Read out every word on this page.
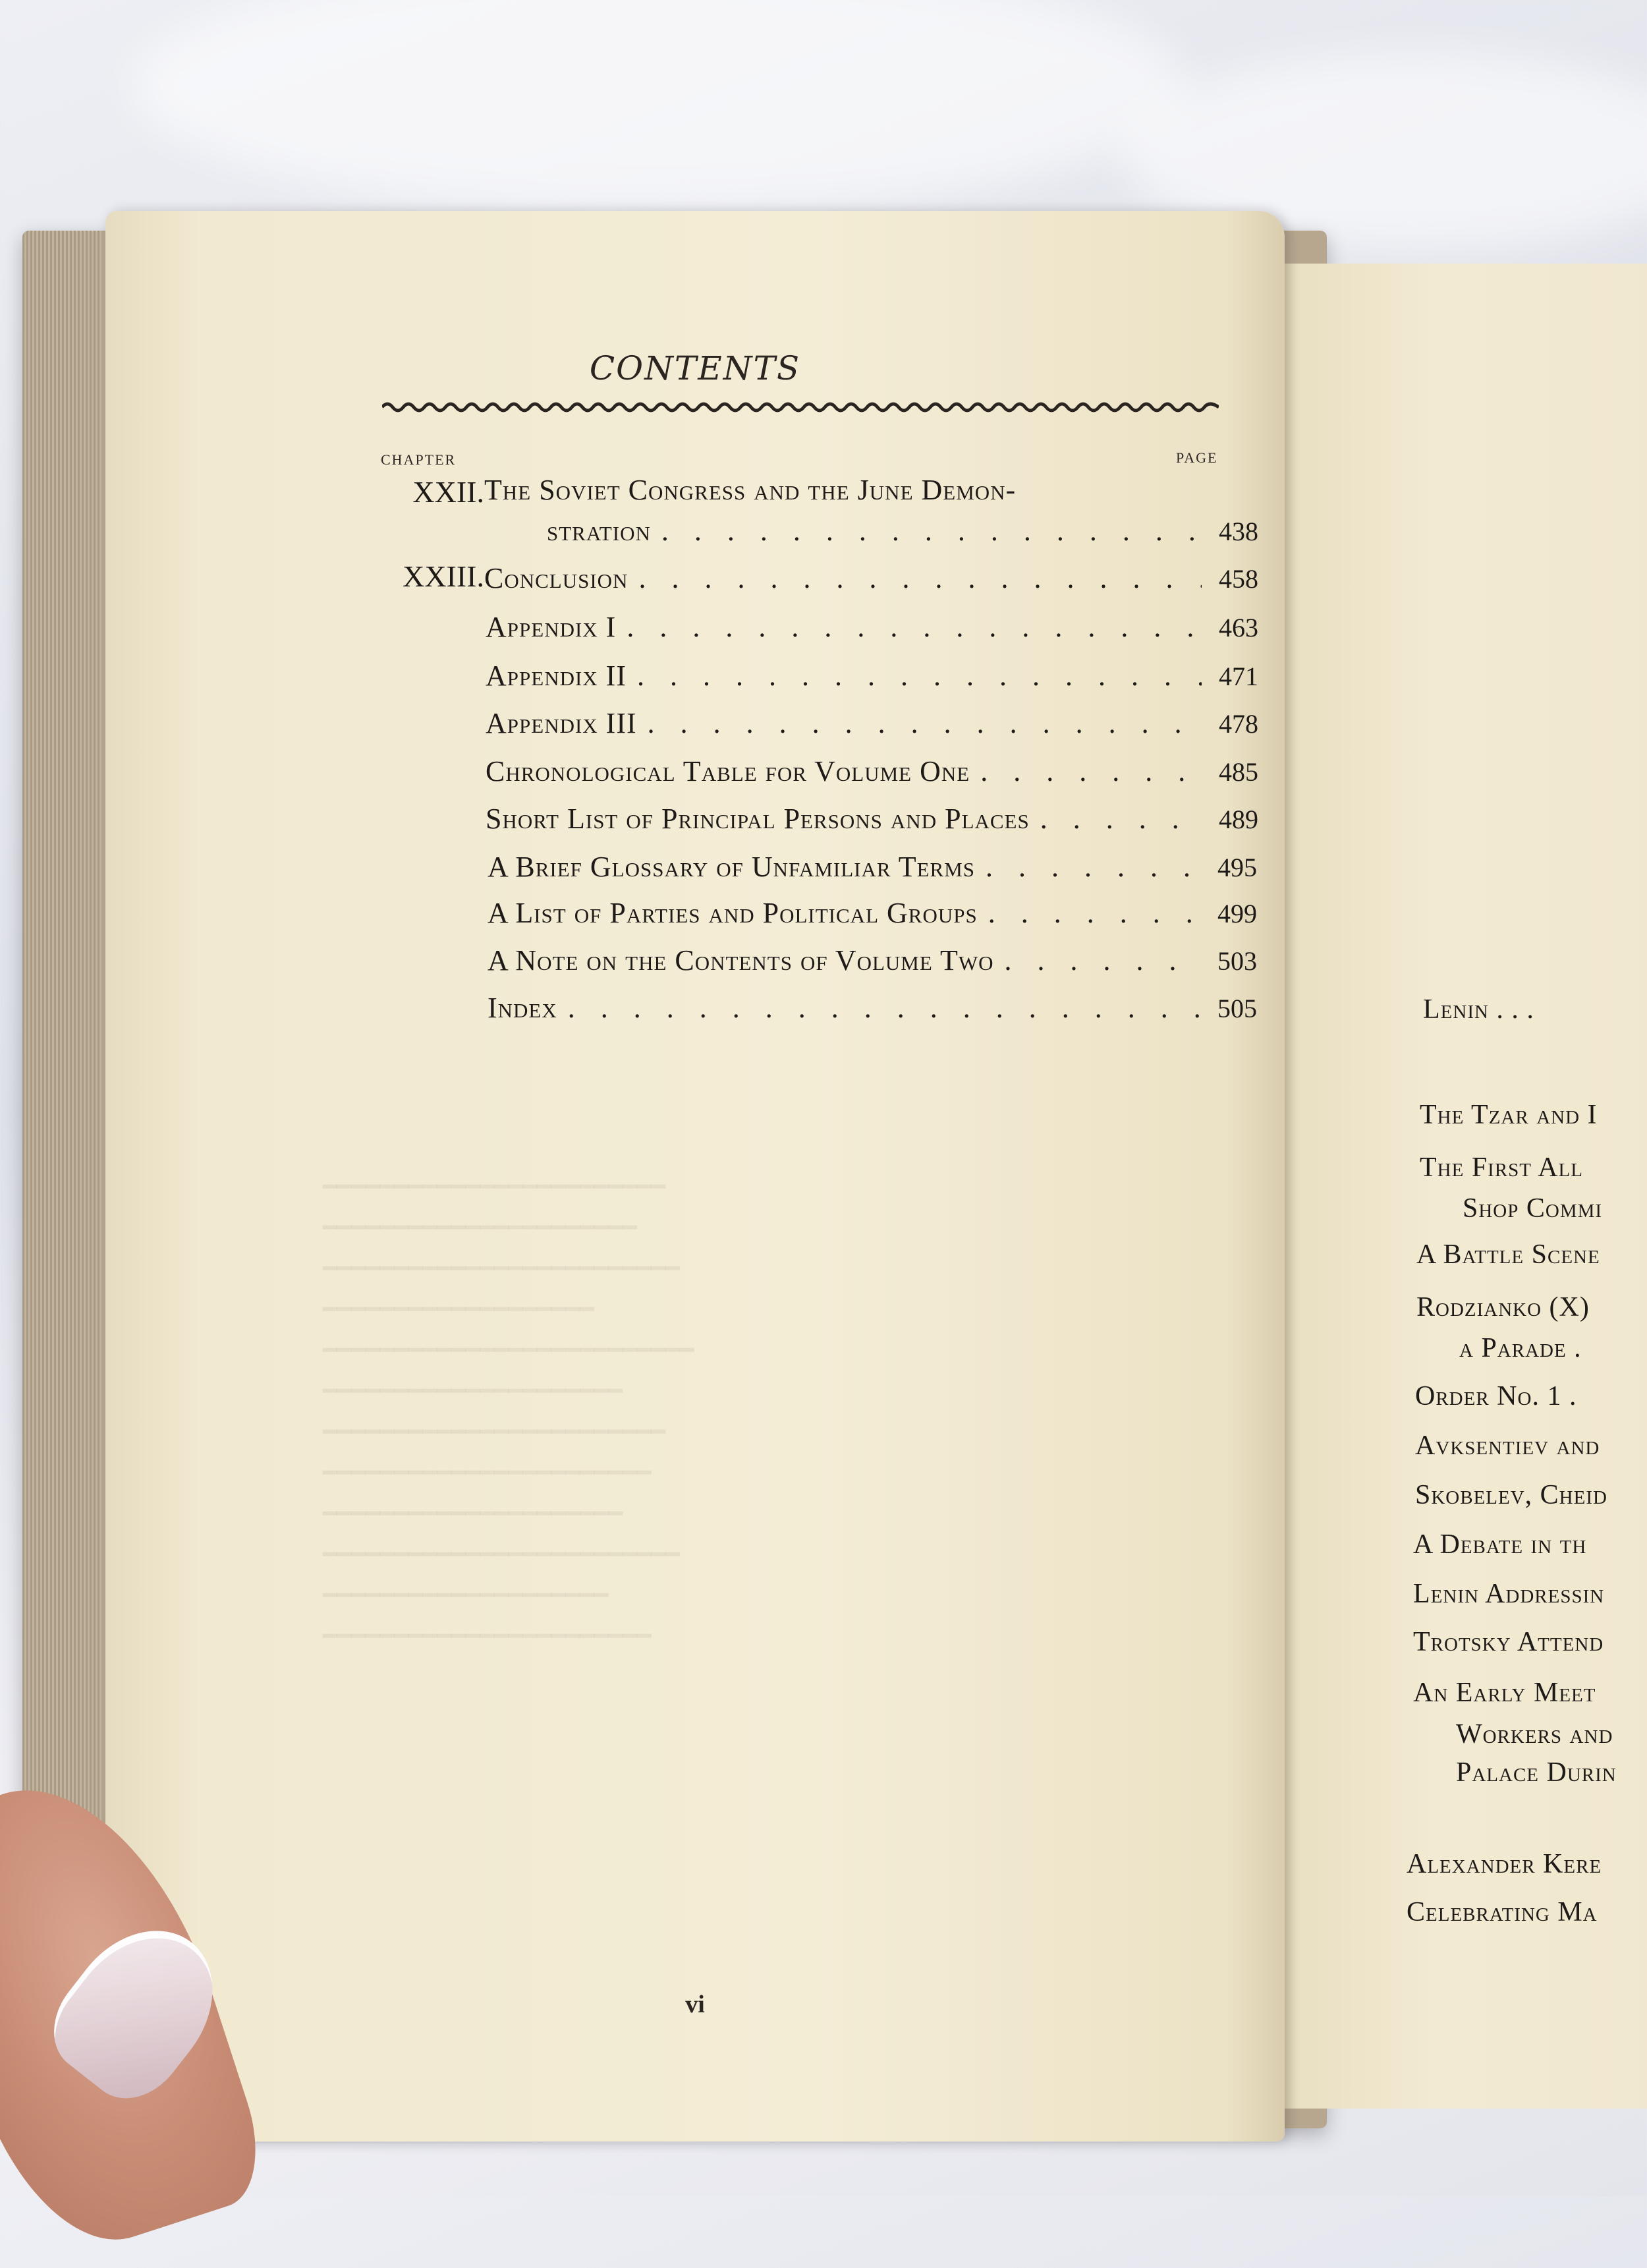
Lenin . . .
The Tzar and I
The First All
Shop Commi
A Battle Scene
Rodzianko (X)
a Parade .
Order No. 1 .
Avksentiev and
Skobelev, Cheid
A Debate in th
Lenin Addressin
Trotsky Attend
An Early Meet
Workers and
Palace Durin
Alexander Kere
Celebrating Ma
━━━━━━━━━━━━━━━━━━━━━━━━
━━━━━━━━━━━━━━━━━━━━━━
━━━━━━━━━━━━━━━━━━━━━━━━━
━━━━━━━━━━━━━━━━━━━
━━━━━━━━━━━━━━━━━━━━━━━━━━
━━━━━━━━━━━━━━━━━━━━━
━━━━━━━━━━━━━━━━━━━━━━━━
━━━━━━━━━━━━━━━━━━━━━━━
━━━━━━━━━━━━━━━━━━━━━
━━━━━━━━━━━━━━━━━━━━━━━━━
━━━━━━━━━━━━━━━━━━━━
━━━━━━━━━━━━━━━━━━━━━━━
CONTENTS
CHAPTER	PAGE
XXII. The Soviet Congress and the June Demon-
stration . . .	438
XXIII. Conclusion . . .	458
Appendix I . . .	463
Appendix II . . .	471
Appendix III . . .	478
Chronological Table for Volume One . . .	485
Short List of Principal Persons and Places . . .	489
A Brief Glossary of Unfamiliar Terms . . .	495
A List of Parties and Political Groups . . .	499
A Note on the Contents of Volume Two . . .	503
Index . . .	505
vi
